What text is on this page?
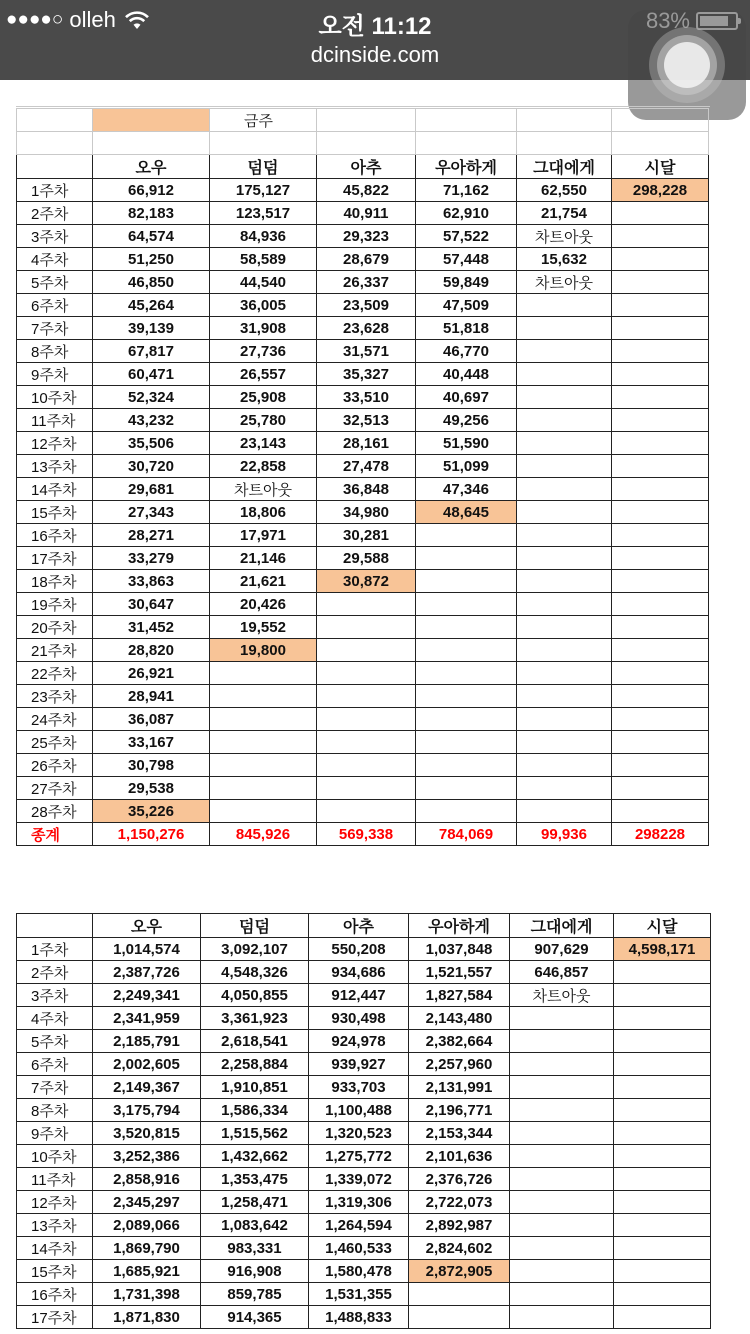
●●●●○ olleh	오전 11:12
dcinside.com
		금주				

	오우	덤덤	아추	우아하게	그대에게	시달
1주차	66,912	175,127	45,822	71,162	62,550	298,228
2주차	82,183	123,517	40,911	62,910	21,754	
3주차	64,574	84,936	29,323	57,522	차트아웃	
4주차	51,250	58,589	28,679	57,448	15,632	
5주차	46,850	44,540	26,337	59,849	차트아웃	
6주차	45,264	36,005	23,509	47,509		
7주차	39,139	31,908	23,628	51,818		
8주차	67,817	27,736	31,571	46,770		
9주차	60,471	26,557	35,327	40,448		
10주차	52,324	25,908	33,510	40,697		
11주차	43,232	25,780	32,513	49,256		
12주차	35,506	23,143	28,161	51,590		
13주차	30,720	22,858	27,478	51,099		
14주차	29,681	차트아웃	36,848	47,346		
15주차	27,343	18,806	34,980	48,645		
16주차	28,271	17,971	30,281			
17주차	33,279	21,146	29,588			
18주차	33,863	21,621	30,872			
19주차	30,647	20,426				
20주차	31,452	19,552				
21주차	28,820	19,800				
22주차	26,921					
23주차	28,941					
24주차	36,087					
25주차	33,167					
26주차	30,798					
27주차	29,538					
28주차	35,226					
종계	1,150,276	845,926	569,338	784,069	99,936	298228
	오우	덤덤	아추	우아하게	그대에게	시달
1주차	1,014,574	3,092,107	550,208	1,037,848	907,629	4,598,171
2주차	2,387,726	4,548,326	934,686	1,521,557	646,857	
3주차	2,249,341	4,050,855	912,447	1,827,584	차트아웃	
4주차	2,341,959	3,361,923	930,498	2,143,480		
5주차	2,185,791	2,618,541	924,978	2,382,664		
6주차	2,002,605	2,258,884	939,927	2,257,960		
7주차	2,149,367	1,910,851	933,703	2,131,991		
8주차	3,175,794	1,586,334	1,100,488	2,196,771		
9주차	3,520,815	1,515,562	1,320,523	2,153,344		
10주차	3,252,386	1,432,662	1,275,772	2,101,636		
11주차	2,858,916	1,353,475	1,339,072	2,376,726		
12주차	2,345,297	1,258,471	1,319,306	2,722,073		
13주차	2,089,066	1,083,642	1,264,594	2,892,987		
14주차	1,869,790	983,331	1,460,533	2,824,602		
15주차	1,685,921	916,908	1,580,478	2,872,905		
16주차	1,731,398	859,785	1,531,355			
17주차	1,871,830	914,365	1,488,833			
